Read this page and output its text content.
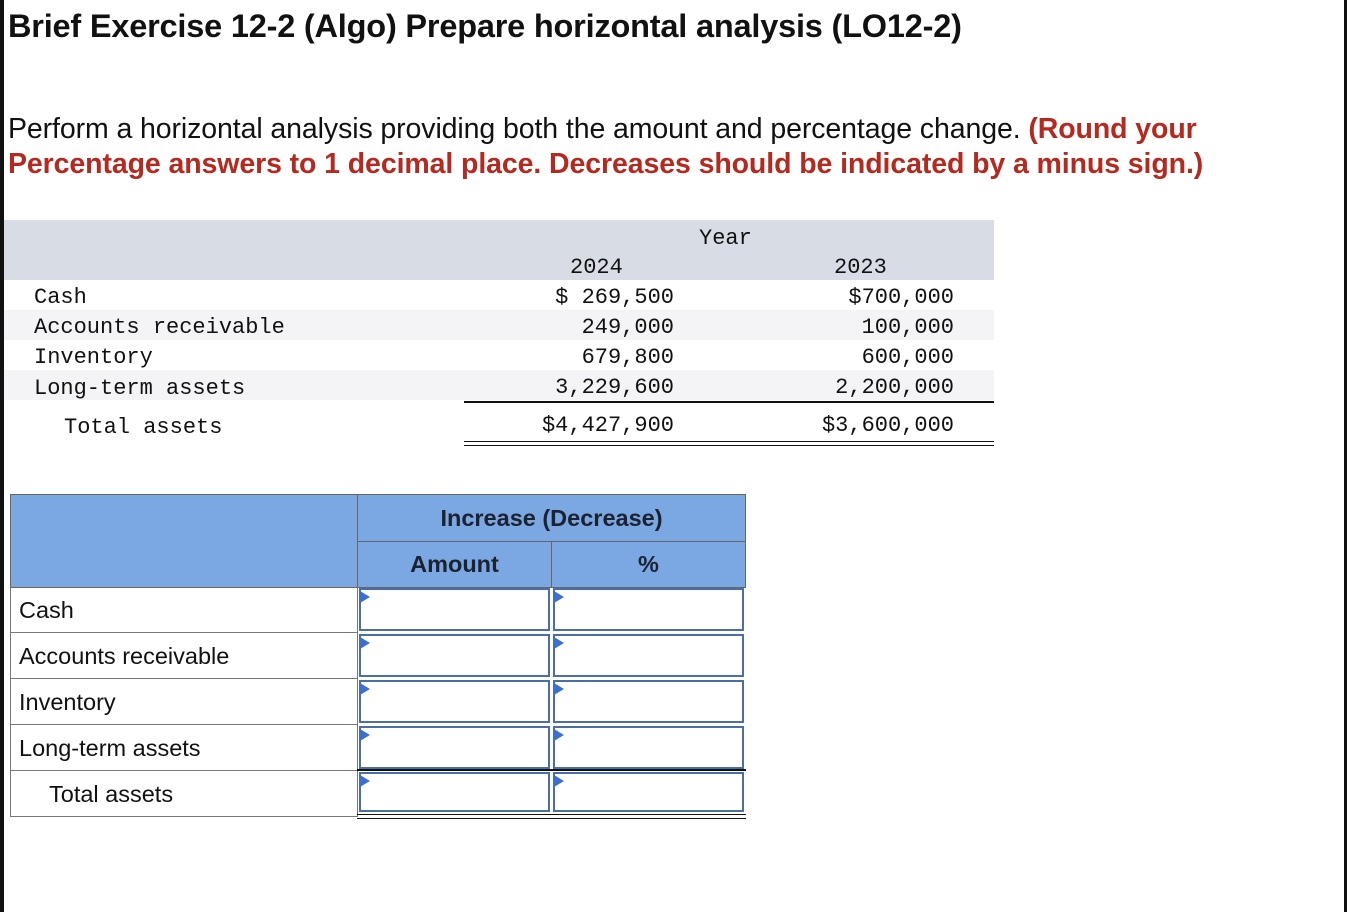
Brief Exercise 12-2 (Algo) Prepare horizontal analysis (LO12-2)
Perform a horizontal analysis providing both the amount and percentage change. (Round your Percentage answers to 1 decimal place. Decreases should be indicated by a minus sign.)
Year
2024	2023
Cash	$ 269,500	$700,000
Accounts receivable	249,000	100,000
Inventory	679,800	600,000
Long-term assets	3,229,600	2,200,000
Total assets	$4,427,900	$3,600,000
Increase (Decrease)
Amount	%
Cash
Accounts receivable
Inventory
Long-term assets
Total assets
